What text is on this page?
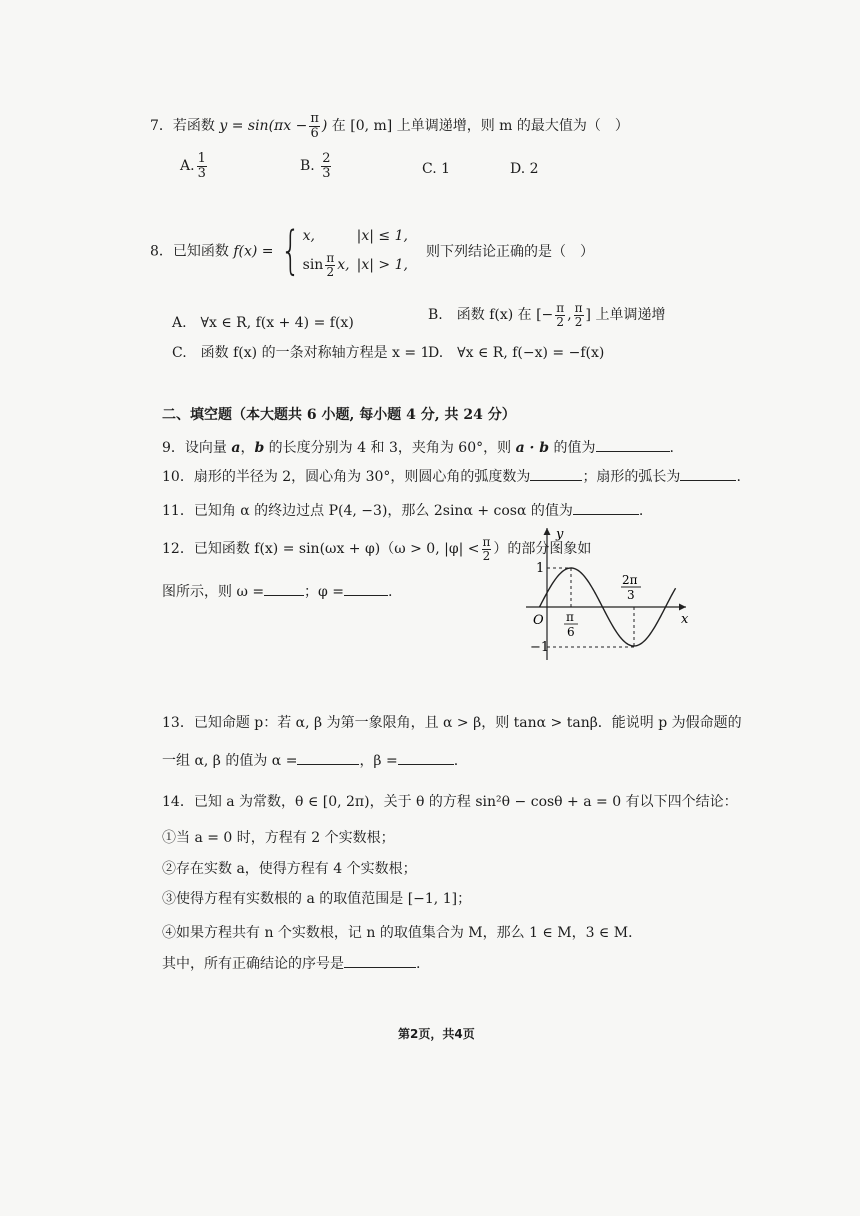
7．若函数 $y = \sin(\pi x - \frac{\pi}{6}$ ) 在 [0, m] 上单调递增，则 m 的最大值为（　）
A. $\frac{1}{3}$	B. $\frac{2}{3}$	C. 1	D. 2
8．已知函数 f(x) = { x,	|x| ≤ 1,
$\sin \frac{\pi}{2} x$, |x| > 1,
则下列结论正确的是（　）
A.　∀x ∈ R, f(x + 4) = f(x)	B.　函数 f(x) 在 [− $\frac{\pi}{2}$ , $\frac{\pi}{2}$ ] 上单调递增
C.　函数 f(x) 的一条对称轴方程是 x = 1
D.　∀x ∈ R, f(−x) = −f(x)
二、填空题（本大题共 6 小题, 每小题 4 分, 共 24 分）
9．设向量 a，b 的长度分别为 4 和 3，夹角为 60°，则 a · b 的值为	.
10．扇形的半径为 2，圆心角为 30°，则圆心角的弧度数为	；扇形的弧长为	.
11．已知角 α 的终边过点 P(4, −3)，那么 2sinα + cosα 的值为	.
12．已知函数 f(x) = sin(ωx + φ)（ω > 0, $|\varphi| < \frac{\pi}{2}$ ）的部分图象如
图所示，则 ω =	；φ =	.
y
x
O
1
−1
π
6
2π
3
13．已知命题 p：若 α, β 为第一象限角，且 α > β，则 tanα > tanβ．能说明 p 为假命题的
一组 α, β 的值为 α =	，β =	.
14．已知 a 为常数，θ ∈ [0, 2π)，关于 θ 的方程 sin²θ − cosθ + a = 0 有以下四个结论：
①当 a = 0 时，方程有 2 个实数根；
②存在实数 a，使得方程有 4 个实数根；
③使得方程有实数根的 a 的取值范围是 [−1, 1]；
④如果方程共有 n 个实数根，记 n 的取值集合为 M，那么 1 ∈ M，3 ∈ M．
其中，所有正确结论的序号是	.
第2页，共4页
